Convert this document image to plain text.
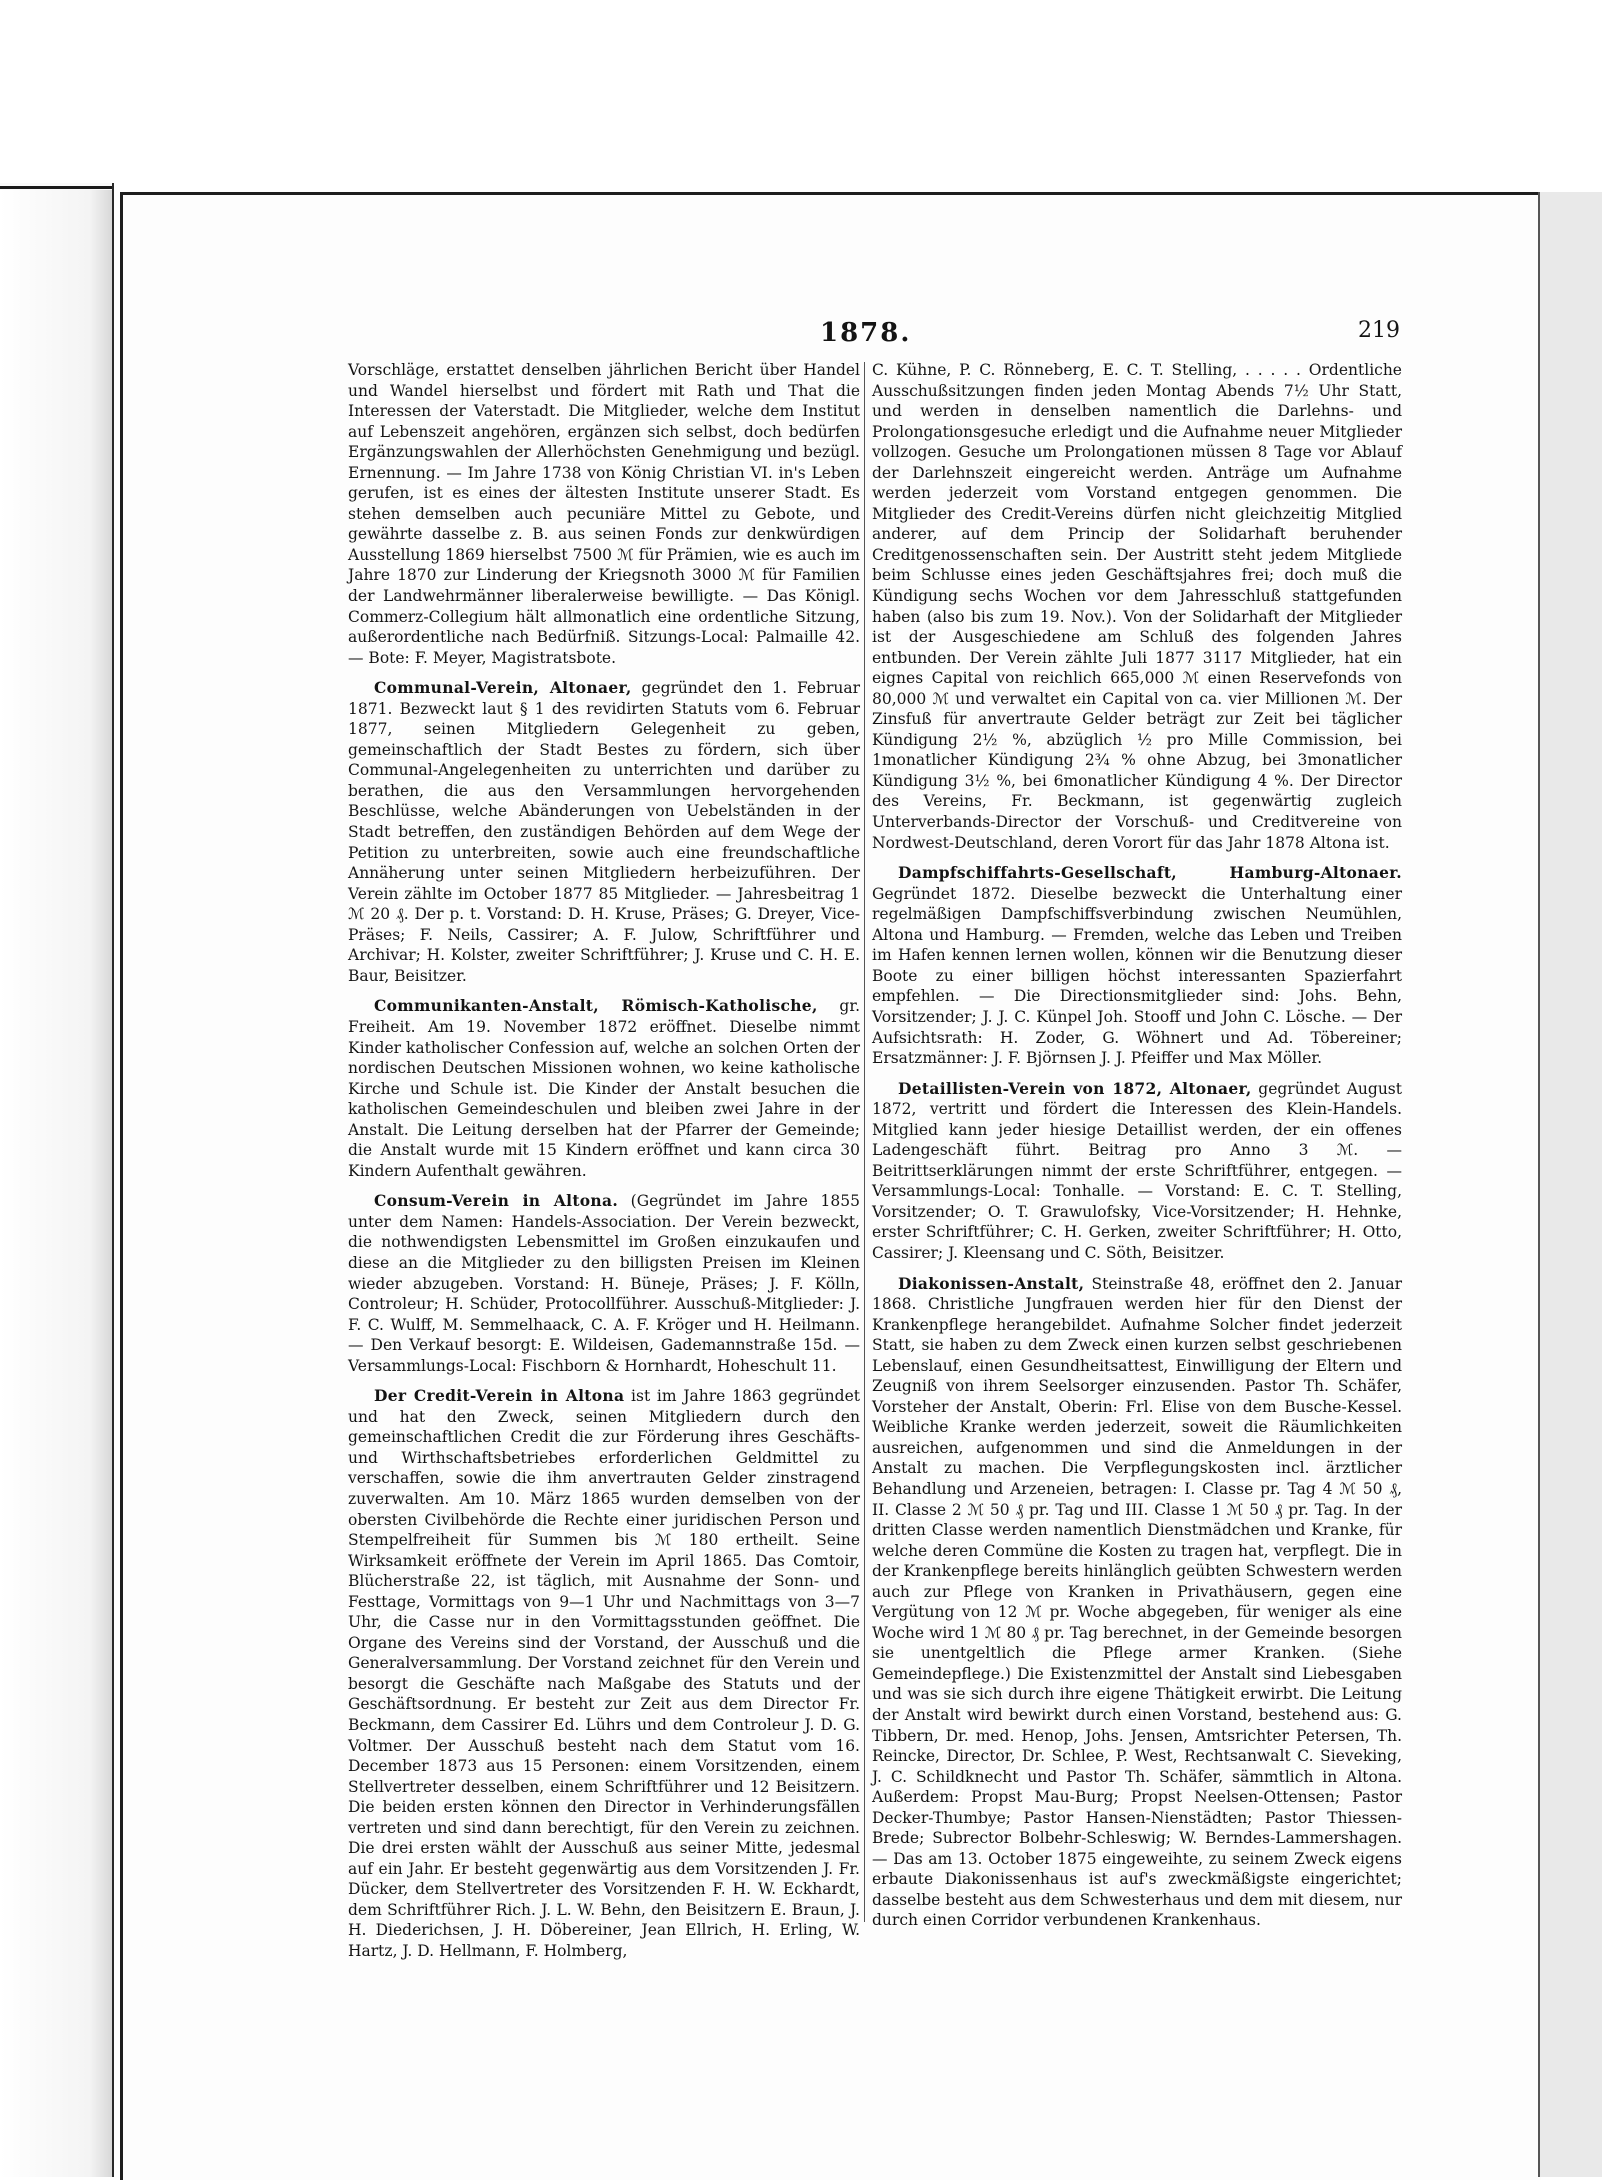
1878.	219

Vorschläge, erstattet denselben jährlichen Bericht über Handel und Wandel hierselbst und fördert mit Rath und That die Interessen der Vaterstadt. Die Mitglieder, welche dem Institut auf Lebenszeit angehören, ergänzen sich selbst, doch bedürfen Ergänzungswahlen der Allerhöchsten Genehmigung und bezügl. Ernennung. — Im Jahre 1738 von König Christian VI. in's Leben gerufen, ist es eines der ältesten Institute unserer Stadt. Es stehen demselben auch pecuniäre Mittel zu Gebote, und gewährte dasselbe z. B. aus seinen Fonds zur denkwürdigen Ausstellung 1869 hierselbst 7500 ℳ für Prämien, wie es auch im Jahre 1870 zur Linderung der Kriegsnoth 3000 ℳ für Familien der Landwehrmänner liberalerweise bewilligte. — Das Königl. Commerz-Collegium hält allmonatlich eine ordentliche Sitzung, außerordentliche nach Bedürfniß. Sitzungs-Local: Palmaille 42. — Bote: F. Meyer, Magistratsbote.

Communal-Verein, Altonaer, gegründet den 1. Februar 1871. Bezweckt laut § 1 des revidirten Statuts vom 6. Februar 1877, seinen Mitgliedern Gelegenheit zu geben, gemeinschaftlich der Stadt Bestes zu fördern, sich über Communal-Angelegenheiten zu unterrichten und darüber zu berathen, die aus den Versammlungen hervorgehenden Beschlüsse, welche Abänderungen von Uebelständen in der Stadt betreffen, den zuständigen Behörden auf dem Wege der Petition zu unterbreiten, sowie auch eine freundschaftliche Annäherung unter seinen Mitgliedern herbeizuführen. Der Verein zählte im October 1877 85 Mitglieder. — Jahresbeitrag 1 ℳ 20 ₰. Der p. t. Vorstand: D. H. Kruse, Präses; G. Dreyer, Vice-Präses; F. Neils, Cassirer; A. F. Julow, Schriftführer und Archivar; H. Kolster, zweiter Schriftführer; J. Kruse und C. H. E. Baur, Beisitzer.

Communikanten-Anstalt, Römisch-Katholische, gr. Freiheit. Am 19. November 1872 eröffnet. Dieselbe nimmt Kinder katholischer Confession auf, welche an solchen Orten der nordischen Deutschen Missionen wohnen, wo keine katholische Kirche und Schule ist. Die Kinder der Anstalt besuchen die katholischen Gemeindeschulen und bleiben zwei Jahre in der Anstalt. Die Leitung derselben hat der Pfarrer der Gemeinde; die Anstalt wurde mit 15 Kindern eröffnet und kann circa 30 Kindern Aufenthalt gewähren.

Consum-Verein in Altona. (Gegründet im Jahre 1855 unter dem Namen: Handels-Association. Der Verein bezweckt, die nothwendigsten Lebensmittel im Großen einzukaufen und diese an die Mitglieder zu den billigsten Preisen im Kleinen wieder abzugeben. Vorstand: H. Büneje, Präses; J. F. Kölln, Controleur; H. Schüder, Protocollführer. Ausschuß-Mitglieder: J. F. C. Wulff, M. Semmelhaack, C. A. F. Kröger und H. Heilmann. — Den Verkauf besorgt: E. Wildeisen, Gademannstraße 15d. — Versammlungs-Local: Fischborn & Hornhardt, Hoheschult 11.

Der Credit-Verein in Altona ist im Jahre 1863 gegründet und hat den Zweck, seinen Mitgliedern durch den gemeinschaftlichen Credit die zur Förderung ihres Geschäfts- und Wirthschaftsbetriebes erforderlichen Geldmittel zu verschaffen, sowie die ihm anvertrauten Gelder zinstragend zuverwalten. Am 10. März 1865 wurden demselben von der obersten Civilbehörde die Rechte einer juridischen Person und Stempelfreiheit für Summen bis ℳ 180 ertheilt. Seine Wirksamkeit eröffnete der Verein im April 1865. Das Comtoir, Blücherstraße 22, ist täglich, mit Ausnahme der Sonn- und Festtage, Vormittags von 9—1 Uhr und Nachmittags von 3—7 Uhr, die Casse nur in den Vormittagsstunden geöffnet. Die Organe des Vereins sind der Vorstand, der Ausschuß und die Generalversammlung. Der Vorstand zeichnet für den Verein und besorgt die Geschäfte nach Maßgabe des Statuts und der Geschäftsordnung. Er besteht zur Zeit aus dem Director Fr. Beckmann, dem Cassirer Ed. Lührs und dem Controleur J. D. G. Voltmer. Der Ausschuß besteht nach dem Statut vom 16. December 1873 aus 15 Personen: einem Vorsitzenden, einem Stellvertreter desselben, einem Schriftführer und 12 Beisitzern. Die beiden ersten können den Director in Verhinderungsfällen vertreten und sind dann berechtigt, für den Verein zu zeichnen. Die drei ersten wählt der Ausschuß aus seiner Mitte, jedesmal auf ein Jahr. Er besteht gegenwärtig aus dem Vorsitzenden J. Fr. Dücker, dem Stellvertreter des Vorsitzenden F. H. W. Eckhardt, dem Schriftführer Rich. J. L. W. Behn, den Beisitzern E. Braun, J. H. Diederichsen, J. H. Döbereiner, Jean Ellrich, H. Erling, W. Hartz, J. D. Hellmann, F. Holmberg,

C. Kühne, P. C. Rönneberg, E. C. T. Stelling, . . . . . Ordentliche Ausschußsitzungen finden jeden Montag Abends 7½ Uhr Statt, und werden in denselben namentlich die Darlehns- und Prolongationsgesuche erledigt und die Aufnahme neuer Mitglieder vollzogen. Gesuche um Prolongationen müssen 8 Tage vor Ablauf der Darlehnszeit eingereicht werden. Anträge um Aufnahme werden jederzeit vom Vorstand entgegen genommen. Die Mitglieder des Credit-Vereins dürfen nicht gleichzeitig Mitglied anderer, auf dem Princip der Solidarhaft beruhender Creditgenossenschaften sein. Der Austritt steht jedem Mitgliede beim Schlusse eines jeden Geschäftsjahres frei; doch muß die Kündigung sechs Wochen vor dem Jahresschluß stattgefunden haben (also bis zum 19. Nov.). Von der Solidarhaft der Mitglieder ist der Ausgeschiedene am Schluß des folgenden Jahres entbunden. Der Verein zählte Juli 1877 3117 Mitglieder, hat ein eignes Capital von reichlich 665,000 ℳ einen Reservefonds von 80,000 ℳ und verwaltet ein Capital von ca. vier Millionen ℳ. Der Zinsfuß für anvertraute Gelder beträgt zur Zeit bei täglicher Kündigung 2½ %, abzüglich ½ pro Mille Commission, bei 1monatlicher Kündigung 2¾ % ohne Abzug, bei 3monatlicher Kündigung 3½ %, bei 6monatlicher Kündigung 4 %. Der Director des Vereins, Fr. Beckmann, ist gegenwärtig zugleich Unterverbands-Director der Vorschuß- und Creditvereine von Nordwest-Deutschland, deren Vorort für das Jahr 1878 Altona ist.

Dampfschiffahrts-Gesellschaft, Hamburg-Altonaer. Gegründet 1872. Dieselbe bezweckt die Unterhaltung einer regelmäßigen Dampfschiffsverbindung zwischen Neumühlen, Altona und Hamburg. — Fremden, welche das Leben und Treiben im Hafen kennen lernen wollen, können wir die Benutzung dieser Boote zu einer billigen höchst interessanten Spazierfahrt empfehlen. — Die Directionsmitglieder sind: Johs. Behn, Vorsitzender; J. J. C. Künpel Joh. Stooff und John C. Lösche. — Der Aufsichtsrath: H. Zoder, G. Wöhnert und Ad. Töbereiner; Ersatzmänner: J. F. Björnsen J. J. Pfeiffer und Max Möller.

Detaillisten-Verein von 1872, Altonaer, gegründet August 1872, vertritt und fördert die Interessen des Klein-Handels. Mitglied kann jeder hiesige Detaillist werden, der ein offenes Ladengeschäft führt. Beitrag pro Anno 3 ℳ. — Beitrittserklärungen nimmt der erste Schriftführer, entgegen. — Versammlungs-Local: Tonhalle. — Vorstand: E. C. T. Stelling, Vorsitzender; O. T. Grawulofsky, Vice-Vorsitzender; H. Hehnke, erster Schriftführer; C. H. Gerken, zweiter Schriftführer; H. Otto, Cassirer; J. Kleensang und C. Söth, Beisitzer.

Diakonissen-Anstalt, Steinstraße 48, eröffnet den 2. Januar 1868. Christliche Jungfrauen werden hier für den Dienst der Krankenpflege herangebildet. Aufnahme Solcher findet jederzeit Statt, sie haben zu dem Zweck einen kurzen selbst geschriebenen Lebenslauf, einen Gesundheitsattest, Einwilligung der Eltern und Zeugniß von ihrem Seelsorger einzusenden. Pastor Th. Schäfer, Vorsteher der Anstalt, Oberin: Frl. Elise von dem Busche-Kessel. Weibliche Kranke werden jederzeit, soweit die Räumlichkeiten ausreichen, aufgenommen und sind die Anmeldungen in der Anstalt zu machen. Die Verpflegungskosten incl. ärztlicher Behandlung und Arzeneien, betragen: I. Classe pr. Tag 4 ℳ 50 ₰, II. Classe 2 ℳ 50 ₰ pr. Tag und III. Classe 1 ℳ 50 ₰ pr. Tag. In der dritten Classe werden namentlich Dienstmädchen und Kranke, für welche deren Commüne die Kosten zu tragen hat, verpflegt. Die in der Krankenpflege bereits hinlänglich geübten Schwestern werden auch zur Pflege von Kranken in Privathäusern, gegen eine Vergütung von 12 ℳ pr. Woche abgegeben, für weniger als eine Woche wird 1 ℳ 80 ₰ pr. Tag berechnet, in der Gemeinde besorgen sie unentgeltlich die Pflege armer Kranken. (Siehe Gemeindepflege.) Die Existenzmittel der Anstalt sind Liebesgaben und was sie sich durch ihre eigene Thätigkeit erwirbt. Die Leitung der Anstalt wird bewirkt durch einen Vorstand, bestehend aus: G. Tibbern, Dr. med. Henop, Johs. Jensen, Amtsrichter Petersen, Th. Reincke, Director, Dr. Schlee, P. West, Rechtsanwalt C. Sieveking, J. C. Schildknecht und Pastor Th. Schäfer, sämmtlich in Altona. Außerdem: Propst Mau-Burg; Propst Neelsen-Ottensen; Pastor Decker-Thumbye; Pastor Hansen-Nienstädten; Pastor Thiessen-Brede; Subrector Bolbehr-Schleswig; W. Berndes-Lammershagen. — Das am 13. October 1875 eingeweihte, zu seinem Zweck eigens erbaute Diakonissenhaus ist auf's zweckmäßigste eingerichtet; dasselbe besteht aus dem Schwesterhaus und dem mit diesem, nur durch einen Corridor verbundenen Krankenhaus.
